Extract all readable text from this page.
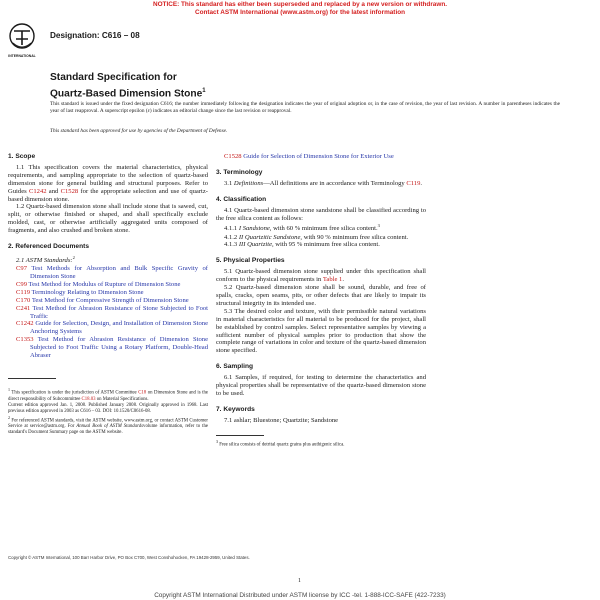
NOTICE: This standard has either been superseded and replaced by a new version or withdrawn.
Contact ASTM International (www.astm.org) for the latest information
INTERNATIONAL
Designation: C616 – 08
Standard Specification for
Quartz-Based Dimension Stone$^1$
This standard is issued under the fixed designation C616; the number immediately following the designation indicates the year of original adoption or, in the case of revision, the year of last revision. A number in parentheses indicates the year of last reapproval. A superscript epsilon (ε) indicates an editorial change since the last revision or reapproval.
This standard has been approved for use by agencies of the Department of Defense.
1. Scope

1.1 This specification covers the material characteristics, physical requirements, and sampling appropriate to the selection of quartz-based dimension stone for general building and structural purposes. Refer to Guides C1242 and C1528 for the appropriate selection and use of quartz-based dimension stone.

1.2 Quartz-based dimension stone shall include stone that is sawed, cut, split, or otherwise finished or shaped, and shall specifically exclude molded, cast, or otherwise artificially aggregated units composed of fragments, and also crushed and broken stone.

2. Referenced Documents

2.1 ASTM Standards:$^2$

C97 Test Methods for Absorption and Bulk Specific Gravity of Dimension Stone

C99 Test Method for Modulus of Rupture of Dimension Stone

C119 Terminology Relating to Dimension Stone

C170 Test Method for Compressive Strength of Dimension Stone

C241 Test Method for Abrasion Resistance of Stone Subjected to Foot Traffic

C1242 Guide for Selection, Design, and Installation of Dimension Stone Anchoring Systems

C1353 Test Method for Abrasion Resistance of Dimension Stone Subjected to Foot Traffic Using a Rotary Platform, Double-Head Abraser

$^1$ This specification is under the jurisdiction of ASTM Committee C18 on Dimension Stone and is the direct responsibility of Subcommittee C18.03 on Material Specifications.

Current edition approved Jan. 1, 2008. Published January 2008. Originally approved in 1968. Last previous edition approved in 2003 as C616 – 03. DOI: 10.1520/C0616-08.

$^2$ For referenced ASTM standards, visit the ASTM website, www.astm.org, or contact ASTM Customer Service at service@astm.org. For Annual Book of ASTM Standardsvolume information, refer to the standard's Document Summary page on the ASTM website.

C1528 Guide for Selection of Dimension Stone for Exterior Use

3. Terminology

3.1 Definitions—All definitions are in accordance with Terminology C119.

4. Classification

4.1 Quartz-based dimension stone sandstone shall be classified according to the free silica content as follows:

4.1.1 I Sandstone, with 60 % minimum free silica content.$^3$

4.1.2 II Quartzitic Sandstone, with 90 % minimum free silica content.

4.1.3 III Quartzite, with 95 % minimum free silica content.

5. Physical Properties

5.1 Quartz-based dimension stone supplied under this specification shall conform to the physical requirements in Table 1.

5.2 Quartz-based dimension stone shall be sound, durable, and free of spalls, cracks, open seams, pits, or other defects that are likely to impair its structural integrity in its intended use.

5.3 The desired color and texture, with their permissible natural variations in material characteristics for all material to be produced for the project, shall be established by control samples. Select representative samples by viewing a sufficient number of physical samples prior to production that show the complete range of variations in color and texture of the quartz-based dimension stone specified.

6. Sampling

6.1 Samples, if required, for testing to determine the characteristics and physical properties shall be representative of the quartz-based dimension stone to be used.

7. Keywords

7.1 ashlar; Bluestone; Quartzite; Sandstone

$^3$ Free silica consists of detrital quartz grains plus authigenic silica.

Copyright © ASTM International, 100 Barr Harbor Drive, PO Box C700, West Conshohocken, PA 19428-2959, United States.
1
Copyright ASTM International Distributed under ASTM license by ICC -tel. 1-888-ICC-SAFE (422-7233)
